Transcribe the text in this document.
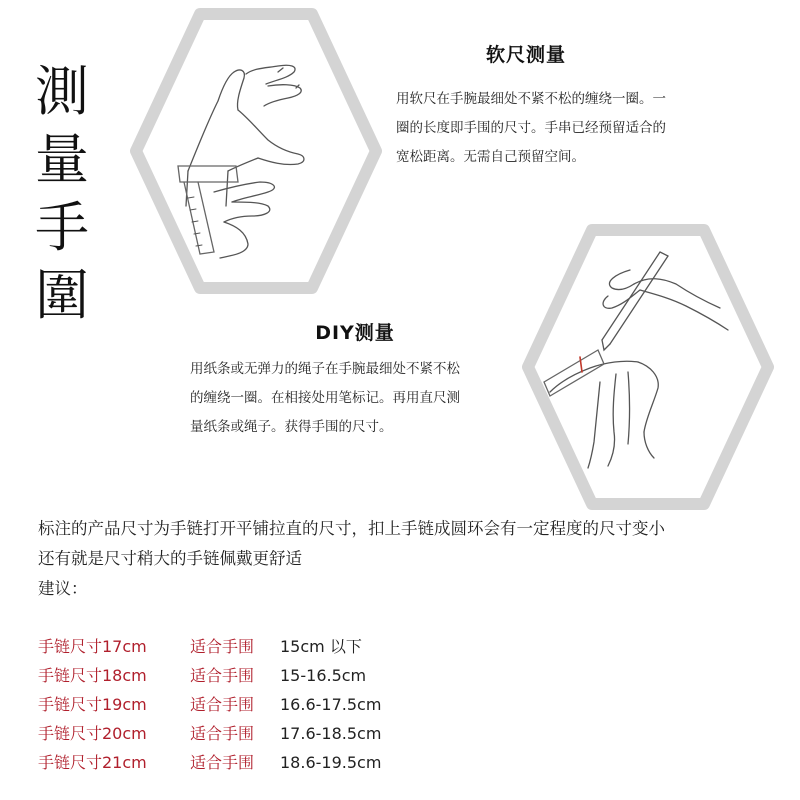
測
量
手
圍
软尺测量
用软尺在手腕最细处不紧不松的缠绕一圈。一
圈的长度即手围的尺寸。手串已经预留适合的
宽松距离。无需自己预留空间。
DIY测量
用纸条或无弹力的绳子在手腕最细处不紧不松
的缠绕一圈。在相接处用笔标记。再用直尺测
量纸条或绳子。获得手围的尺寸。
标注的产品尺寸为手链打开平铺拉直的尺寸，扣上手链成圆环会有一定程度的尺寸变小
还有就是尺寸稍大的手链佩戴更舒适
建议：
手链尺寸17cm	适合手围	15cm 以下
手链尺寸18cm	适合手围	15-16.5cm
手链尺寸19cm	适合手围	16.6-17.5cm
手链尺寸20cm	适合手围	17.6-18.5cm
手链尺寸21cm	适合手围	18.6-19.5cm
